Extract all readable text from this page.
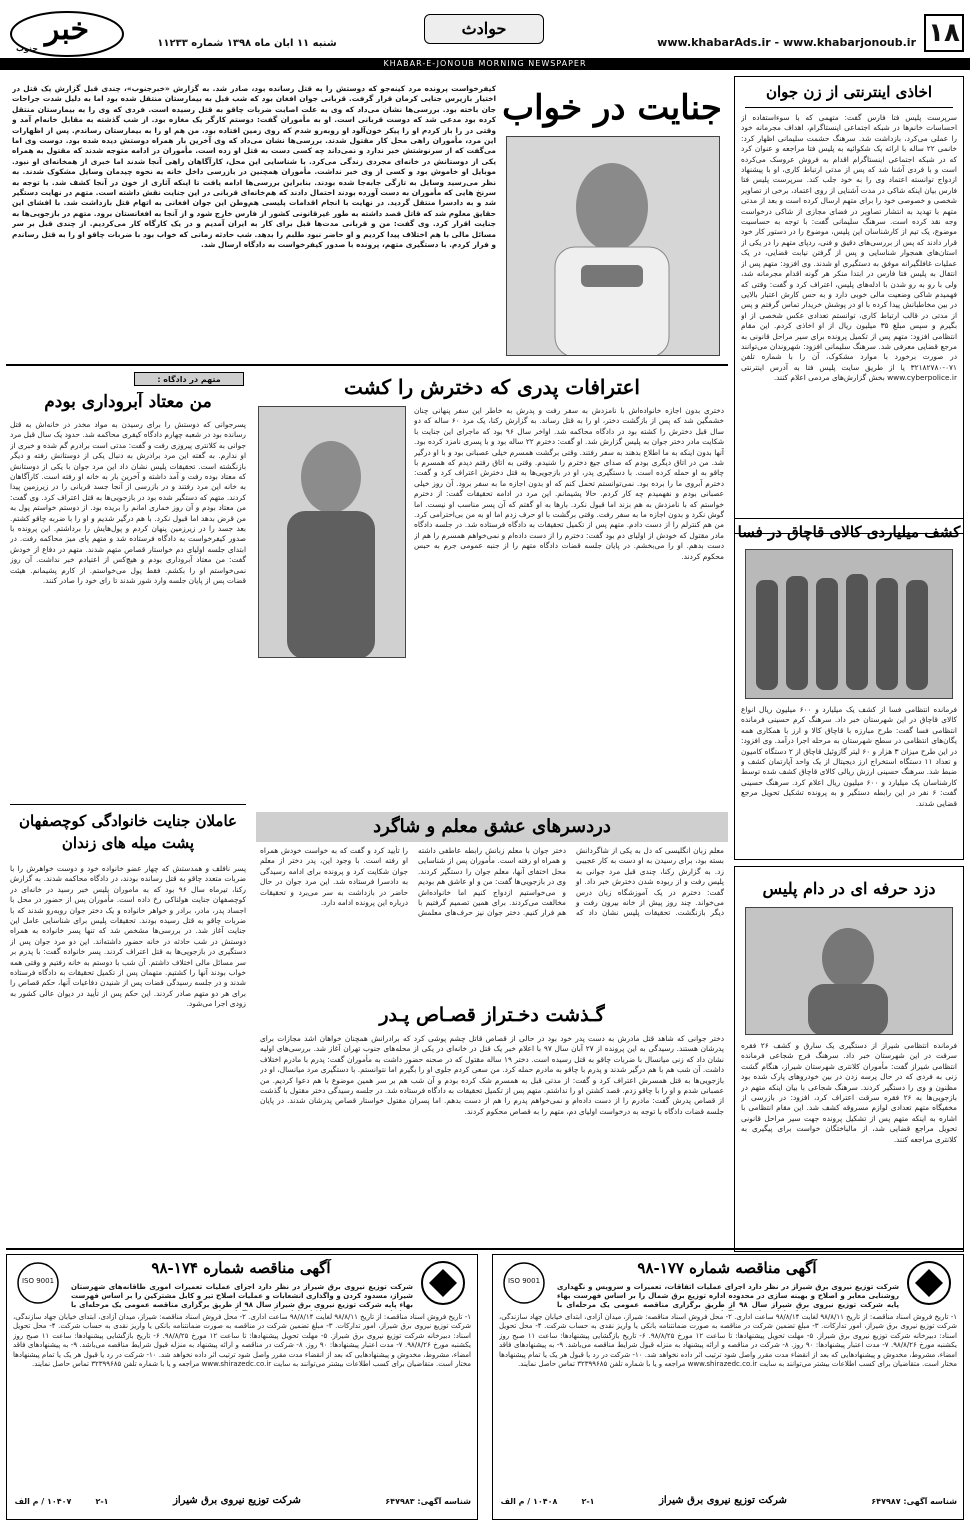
۱۸
www.khabarAds.ir - www.khabarjonoub.ir
حوادث
شنبه ۱۱ آبان ماه ۱۳۹۸ شماره ۱۱۲۳۳
خبر
جنوب
KHABAR-E-JONOUB MORNING NEWSPAPER
اخاذی اینترنتی از زن جوان
سرپرست پلیس فتا فارس گفت: متهمی که با سوءاستفاده از احساسات خانم‌ها در شبکه اجتماعی اینستاگرام، اهداف مجرمانه خود را عملی می‌کرد، بازداشت شد. سرهنگ حشمت سلیمانی اظهار کرد: خانمی ۲۲ ساله با ارائه یک شکوائیه به پلیس فتا مراجعه و عنوان کرد که در شبکه اجتماعی اینستاگرام اقدام به فروش عروسک می‌کرده است و با فردی آشنا شد که پس از مدتی ارتباط کاری، او با پیشنهاد ازدواج توانسته اعتماد وی را به خود جلب کند. سرپرست پلیس فتا فارس بیان اینکه شاکی در مدت آشنایی از روی اعتماد، برخی از تصاویر شخصی و خصوصی خود را برای متهم ارسال کرده است و بعد از مدتی متهم با تهدید به انتشار تصاویر در فضای مجازی از شاکی درخواست وجه نقد کرده است. سرهنگ سلیمانی گفت: با توجه به حساسیت موضوع، یک تیم از کارشناسان این پلیس، موضوع را در دستور کار خود قرار دادند که پس از بررسی‌های دقیق و فنی، ردپای متهم را در یکی از استان‌های همجوار شناسایی و پس از گرفتن نیابت قضایی، در یک عملیات غافلگیرانه موفق به دستگیری او شدند. وی افزود: متهم پس از انتقال به پلیس فتا فارس در ابتدا منکر هر گونه اقدام مجرمانه شد، ولی با رو به رو شدن با ادله‌های پلیس، اعتراف کرد و گفت: وقتی که فهمیدم شاکی وضعیت مالی خوبی دارد و به حس کارش اعتبار بالایی در بین مخاطبانش پیدا کرده با او در پوشش خریدار تماس گرفتم و پس از مدتی در قالب ارتباط کاری، توانستم تعدادی عکس شخصی از او بگیرم و سپس مبلغ ۳۵ میلیون ریال از او اخاذی کردم. این مقام انتظامی افزود: متهم پس از تکمیل پرونده برای سیر مراحل قانونی به مرجع قضایی معرفی شد. سرهنگ سلیمانی افزود: شهروندان می‌توانند در صورت برخورد با موارد مشکوک، آن را با شماره تلفن ۰۷۱-۳۲۱۸۲۷۸۰ یا از طریق سایت پلیس فتا به آدرس اینترنتی www.cyberpolice.ir بخش گزارش‌های مردمی اعلام کنند.
کشف میلیاردی کالای قاچاق در فسا
فرمانده انتظامی فسا از کشف یک میلیارد و ۶۰۰ میلیون ریال انواع کالای قاچاق در این شهرستان خبر داد. سرهنگ کرم حسینی فرمانده انتظامی فسا گفت: طرح مبارزه با قاچاق کالا و ارز با همکاری همه یگان‌های انتظامی در سطح شهرستان به مرحله اجرا درآمد. وی افزود: در این طرح میزان ۳ هزار و ۶۰ لیتر گازوئیل قاچاق از ۲ دستگاه کامیون و تعداد ۱۱ دستگاه استخراج ارز دیجیتال از یک واحد آپارتمان کشف و ضبط شد. سرهنگ حسینی ارزش ریالی کالای قاچاق کشف شده توسط کارشناسان یک میلیارد و ۶۰۰ میلیون ریال اعلام کرد. سرهنگ حسینی گفت: ۶ نفر در این رابطه دستگیر و به پرونده تشکیل تحویل مرجع قضایی شدند.
دزد حرفه ای در دام پلیس
فرمانده انتظامی شیراز از دستگیری یک سارق و کشف ۲۶ فقره سرقت در این شهرستان خبر داد. سرهنگ فرج شجاعی فرمانده انتظامی شیراز گفت: مأموران کلانتری شهرستان شیراز، هنگام گشت زنی به فردی که در حال پرسه زدن در بین خودروهای پارک شده بود مظنون و وی را دستگیر کردند. سرهنگ شجاعی با بیان اینکه متهم در بازجویی‌ها به ۲۶ فقره سرقت اعتراف کرد، افزود: در بازرسی از مخفیگاه متهم تعدادی لوازم مسروقه کشف شد. این مقام انتظامی با اشاره به اینکه متهم پس از تشکیل پرونده جهت سیر مراحل قانونی تحویل مراجع قضایی شد، از مالباختگان خواست برای پیگیری به کلانتری مراجعه کنند.
جنایت در خواب
کیفرخواست پرونده مرد کینه‌جو که دوستش را به قتل رسانده بود، صادر شد. به گزارش «خبرجنوب»، چندی قبل گزارش یک قتل در اختیار بازپرس جنایی کرمان قرار گرفت. قربانی جوان افغان بود که شب قبل به بیمارستان منتقل شده بود اما به دلیل شدت جراحات جان باخته بود. بررسی‌ها نشان می‌داد که وی به علت اصابت ضربات چاقو به قتل رسیده است. فردی که وی را به بیمارستان منتقل کرده بود مدعی شد که دوست قربانی است. او به مأموران گفت: دوستم کارگر یک مغازه بود. از شب گذشته به مقابل خانه‌ام آمد و وقتی در را باز کردم او را پیکر خون‌آلود او روبه‌رو شدم که روی زمین افتاده بود. من هم او را به بیمارستان رساندم. پس از اظهارات این مرد، مأموران راهی محل کار مقتول شدند. بررسی‌ها نشان می‌داد که وی آخرین بار همراه دوستش دیده شده بود. دوست وی اما می‌گفت که از سرنوشتش خبر ندارد و نمی‌داند چه کسی دست به قتل او زده است. مأموران در ادامه متوجه شدند که مقتول به همراه یکی از دوستانش در خانه‌ای مجردی زندگی می‌کرد. با شناسایی این محل، کارآگاهان راهی آنجا شدند اما خبری از همخانه‌ای او نبود. موبایل او خاموش بود و کسی از وی خبر نداشت. مأموران همچنین در بازرسی داخل خانه به نحوه چیدمان وسایل مشکوک شدند. به نظر می‌رسید وسایل به تازگی جابه‌جا شده بودند. بنابراین بررسی‌ها ادامه یافت تا اینکه آثاری از خون در آنجا کشف شد. با توجه به سرنخ هایی که مأموران به دست آورده بودند احتمال دادند که هم‌خانه‌ای قربانی در این جنایت نقش داشته است. متهم در نهایت دستگیر شد و به دادسرا منتقل گردید. در نهایت با انجام اقدامات پلیسی هم‌وطن این جوان افغانی به اتهام قتل بازداشت شد. با افشای این حقایق معلوم شد که قاتل قصد داشته به طور غیرقانونی کشور از فارس خارج شود و از آنجا به افغانستان برود. متهم در بازجویی‌ها به جنایت اقرار کرد. وی گفت: من و قربانی مدت‌ها قبل برای کار به ایران آمدیم و در یک کارگاه کار می‌کردیم. از چندی قبل بر سر مسائل مالی با هم اختلاف پیدا کردیم و او حاضر نبود طلبم را بدهد. شب حادثه زمانی که خواب بود با ضربات چاقو او را به قتل رساندم و فرار کردم. با دستگیری متهم، پرونده با صدور کیفرخواست به دادگاه ارسال شد.
متهم در دادگاه :
من معتاد آبروداری بودم
پسرجوانی که دوستش را برای رسیدن به مواد مخدر در خانه‌اش به قتل رسانده بود در شعبه چهارم دادگاه کیفری محاکمه شد. حدود یک سال قبل مرد جوانی به کلانتری پیروزی رفت و گفت: مدتی است برادرم گم شده و خبری از او ندارم. به گفته این مرد برادرش به دنبال یکی از دوستانش رفته و دیگر بازنگشته است. تحقیقات پلیس نشان داد این مرد جوان با یکی از دوستانش که معتاد بوده رفت و آمد داشته و آخرین بار به خانه او رفته است. کارآگاهان به خانه این مرد رفتند و در بازرسی از آنجا جسد قربانی را در زیرزمین پیدا کردند. متهم که دستگیر شده بود در بازجویی‌ها به قتل اعتراف کرد. وی گفت: من معتاد بودم و آن روز خماری امانم را بریده بود. از دوستم خواستم پول به من قرض بدهد اما قبول نکرد. با هم درگیر شدیم و او را با ضربه چاقو کشتم. بعد جسد را در زیرزمین پنهان کردم و پول‌هایش را برداشتم. این پرونده با صدور کیفرخواست به دادگاه فرستاده شد و متهم پای میز محاکمه رفت. در ابتدای جلسه اولیای دم خواستار قصاص متهم شدند. متهم در دفاع از خودش گفت: من معتاد آبروداری بودم و هیچ‌کس از اعتیادم خبر نداشت. آن روز نمی‌خواستم او را بکشم. فقط پول می‌خواستم. از کارم پشیمانم. هیئت قضات پس از پایان جلسه وارد شور شدند تا رای خود را صادر کنند.
عاملان جنایت خانوادگی کوچصفهان پشت میله های زندان
پسر نافلف و همدستش که چهار عضو خانواده خود و دوست خواهرش را با ضربات متعدد چاقو به قتل رسانده بودند، در دادگاه محاکمه شدند. به گزارش رکنا، تیرماه سال ۹۶ بود که به ماموران پلیس خبر رسید در خانه‌ای در کوچصفهان جنایت هولناکی رخ داده است. مأموران پس از حضور در محل با اجساد پدر، مادر، برادر و خواهر خانواده و یک دختر جوان روبه‌رو شدند که با ضربات چاقو به قتل رسیده بودند. تحقیقات پلیس برای شناسایی عامل این جنایت آغاز شد. در بررسی‌ها مشخص شد که تنها پسر خانواده به همراه دوستش در شب حادثه در خانه حضور داشته‌اند. این دو مرد جوان پس از دستگیری در بازجویی‌ها به قتل اعتراف کردند. پسر خانواده گفت: با پدرم بر سر مسائل مالی اختلاف داشتم. آن شب با دوستم به خانه رفتیم و وقتی همه خواب بودند آنها را کشتیم. متهمان پس از تکمیل تحقیقات به دادگاه فرستاده شدند و در جلسه رسیدگی قضات پس از شنیدن دفاعیات آنها، حکم قصاص را برای هر دو متهم صادر کردند. این حکم پس از تأیید در دیوان عالی کشور به زودی اجرا می‌شود.
اعترافات پدری که دخترش را کشت
دختری بدون اجازه خانواده‌اش با نامزدش به سفر رفت و پدرش به خاطر این سفر پنهانی چنان خشمگین شد که پس از بازگشت دختر، او را به قتل رساند. به گزارش رکنا، یک مرد ۶۰ ساله که دو سال قبل دخترش را کشته بود در دادگاه محاکمه شد. اواخر سال ۹۶ بود که ماجرای این جنایت با شکایت مادر دختر جوان به پلیس گزارش شد. او گفت: دخترم ۲۲ ساله بود و با پسری نامزد کرده بود. آنها بدون اینکه به ما اطلاع بدهند به سفر رفتند. وقتی برگشت همسرم خیلی عصبانی بود و با او درگیر شد. من در اتاق دیگری بودم که صدای جیغ دخترم را شنیدم. وقتی به اتاق رفتم دیدم که همسرم با چاقو به او حمله کرده است. با دستگیری پدر، او در بازجویی‌ها به قتل دخترش اعتراف کرد و گفت: دخترم آبروی ما را برده بود. نمی‌توانستم تحمل کنم که او بدون اجازه ما به سفر برود. آن روز خیلی عصبانی بودم و نفهمیدم چه کار کردم. حالا پشیمانم. این مرد در ادامه تحقیقات گفت: از دخترم خواستم که با نامزدش به هم بزند اما قبول نکرد. بارها به او گفتم که آن پسر مناسب او نیست. اما گوش نکرد و بدون اجازه ما به سفر رفت. وقتی برگشت با او حرف زدم اما او به من بی‌احترامی کرد. من هم کنترلم را از دست دادم. متهم پس از تکمیل تحقیقات به دادگاه فرستاده شد. در جلسه دادگاه مادر مقتول که خودش از اولیای دم بود گفت: دخترم را از دست داده‌ام و نمی‌خواهم همسرم را هم از دست بدهم. او را می‌بخشم. در پایان جلسه قضات دادگاه متهم را از جنبه عمومی جرم به حبس محکوم کردند.
دردسرهای عشق معلم و شاگرد
معلم زبان انگلیسی که دل به یکی از شاگردانش بسته بود، برای رسیدن به او دست به کار عجیبی زد. به گزارش رکنا، چندی قبل مرد جوانی به پلیس رفت و از ربوده شدن دخترش خبر داد. او گفت: دخترم در یک آموزشگاه زبان درس می‌خواند. چند روز پیش از خانه بیرون رفت و دیگر بازنگشت. تحقیقات پلیس نشان داد که دختر جوان با معلم زبانش رابطه عاطفی داشته و همراه او رفته است. مأموران پس از شناسایی محل اختفای آنها، معلم جوان را دستگیر کردند. وی در بازجویی‌ها گفت: من و او عاشق هم بودیم و می‌خواستیم ازدواج کنیم اما خانواده‌اش مخالفت می‌کردند. برای همین تصمیم گرفتیم با هم فرار کنیم. دختر جوان نیز حرف‌های معلمش را تأیید کرد و گفت که به خواست خودش همراه او رفته است. با وجود این، پدر دختر از معلم جوان شکایت کرد و پرونده برای ادامه رسیدگی به دادسرا فرستاده شد. این مرد جوان در حال حاضر در بازداشت به سر می‌برد و تحقیقات درباره این پرونده ادامه دارد.
گـذشت دخـتراز قصـاص پـدر
دختر جوانی که شاهد قتل مادرش به دست پدر خود بود در حالی از قصاص قاتل چشم پوشی کرد که برادرانش همچنان خواهان اشد مجازات برای پدرشان هستند. رسیدگی به این پرونده از ۲۷ آبان سال ۹۷ با اعلام خبر یک قتل در خانه‌ای در یکی از محله‌های جنوب تهران آغاز شد. بررسی‌های اولیه نشان داد که زنی میانسال با ضربات چاقو به قتل رسیده است. دختر ۱۹ ساله مقتول که در صحنه حضور داشت به مأموران گفت: پدرم با مادرم اختلاف داشت. آن شب هم با هم درگیر شدند و پدرم با چاقو به مادرم حمله کرد. من سعی کردم جلوی او را بگیرم اما نتوانستم. با دستگیری مرد میانسال، او در بازجویی‌ها به قتل همسرش اعتراف کرد و گفت: از مدتی قبل به همسرم شک کرده بودم و آن شب هم بر سر همین موضوع با هم دعوا کردیم. من عصبانی شدم و او را با چاقو زدم. قصد کشتن او را نداشتم. متهم پس از تکمیل تحقیقات به دادگاه فرستاده شد. در جلسه رسیدگی دختر مقتول با گذشت از قصاص پدرش گفت: مادرم را از دست داده‌ام و نمی‌خواهم پدرم را هم از دست بدهم. اما پسران مقتول خواستار قصاص پدرشان شدند. در پایان جلسه قضات دادگاه با توجه به درخواست اولیای دم، متهم را به قصاص محکوم کردند.
آگهی مناقصه شماره ۱۷۷-۹۸
ISO 9001
شرکت توزیع نیروی برق شیراز در نظر دارد اجرای عملیات اتفاقات، تعمیرات و سرویس و نگهداری روشنایی معابر و اصلاح و بهینه سازی در محدوده اداره توزیع برق شمال را بر اساس فهرست بهاء پایه شرکت توزیع نیروی برق شیراز سال ۹۸ از طریق برگزاری مناقصه عمومی یک مرحله‌ای با
۱- تاریخ فروش اسناد مناقصه: از تاریخ ۹۸/۸/۱۱ لغایت ۹۸/۸/۱۴ ساعت اداری. ۲- محل فروش اسناد مناقصه: شیراز، میدان آزادی، ابتدای خیابان جهاد سازندگی، شرکت توزیع نیروی برق شیراز، امور تدارکات. ۳- مبلغ تضمین شرکت در مناقصه به صورت ضمانتنامه بانکی یا واریز نقدی به حساب شرکت. ۴- محل تحویل اسناد: دبیرخانه شرکت توزیع نیروی برق شیراز. ۵- مهلت تحویل پیشنهادها: تا ساعت ۱۲ مورخ ۹۸/۸/۲۵. ۶- تاریخ بازگشایی پیشنهادها: ساعت ۱۱ صبح روز یکشنبه مورخ ۹۸/۸/۲۶. ۷- مدت اعتبار پیشنهادها: ۹۰ روز. ۸- شرکت در مناقصه و ارائه پیشنهاد به منزله قبول شرایط مناقصه می‌باشد. ۹- به پیشنهادهای فاقد امضاء، مشروط، مخدوش و پیشنهادهایی که بعد از انقضاء مدت مقرر واصل شود ترتیب اثر داده نخواهد شد. ۱۰- شرکت در رد یا قبول هر یک یا تمام پیشنهادها مختار است. متقاضیان برای کسب اطلاعات بیشتر می‌توانند به سایت www.shirazedc.co.ir مراجعه و یا با شماره تلفن ۳۲۳۹۹۶۸۵ تماس حاصل نمایند.
شناسه آگهی: ۶۴۷۹۸۷
شرکت توزیع نیروی برق شیراز
۲-۱
۱۰۴۰۸ / م الف
آگهی مناقصه شماره ۱۷۴-۹۸
ISO 9001
شرکت توزیع نیروی برق شیراز در نظر دارد اجرای عملیات تعمیرات اموری طاقانه‌های شهرستان شیراز، مسدود کردن و واگذاری انشعابات و عملیات اصلاح تیر و کابل مشترکین را بر اساس فهرست بهاء پایه شرکت توزیع نیروی برق شیراز سال ۹۸ از طریق برگزاری مناقصه عمومی یک مرحله‌ای با
۱- تاریخ فروش اسناد مناقصه: از تاریخ ۹۸/۸/۱۱ لغایت ۹۸/۸/۱۴ ساعت اداری. ۲- محل فروش اسناد مناقصه: شیراز، میدان آزادی، ابتدای خیابان جهاد سازندگی، شرکت توزیع نیروی برق شیراز، امور تدارکات. ۳- مبلغ تضمین شرکت در مناقصه به صورت ضمانتنامه بانکی یا واریز نقدی به حساب شرکت. ۴- محل تحویل اسناد: دبیرخانه شرکت توزیع نیروی برق شیراز. ۵- مهلت تحویل پیشنهادها: تا ساعت ۱۲ مورخ ۹۸/۸/۲۵. ۶- تاریخ بازگشایی پیشنهادها: ساعت ۱۱ صبح روز یکشنبه مورخ ۹۸/۸/۲۶. ۷- مدت اعتبار پیشنهادها: ۹۰ روز. ۸- شرکت در مناقصه و ارائه پیشنهاد به منزله قبول شرایط مناقصه می‌باشد. ۹- به پیشنهادهای فاقد امضاء، مشروط، مخدوش و پیشنهادهایی که بعد از انقضاء مدت مقرر واصل شود ترتیب اثر داده نخواهد شد. ۱۰- شرکت در رد یا قبول هر یک یا تمام پیشنهادها مختار است. متقاضیان برای کسب اطلاعات بیشتر می‌توانند به سایت www.shirazedc.co.ir مراجعه و یا با شماره تلفن ۳۲۳۹۹۶۸۵ تماس حاصل نمایند.
شناسه آگهی: ۶۴۷۹۸۳
شرکت توزیع نیروی برق شیراز
۲-۱
۱۰۴۰۷ / م الف
